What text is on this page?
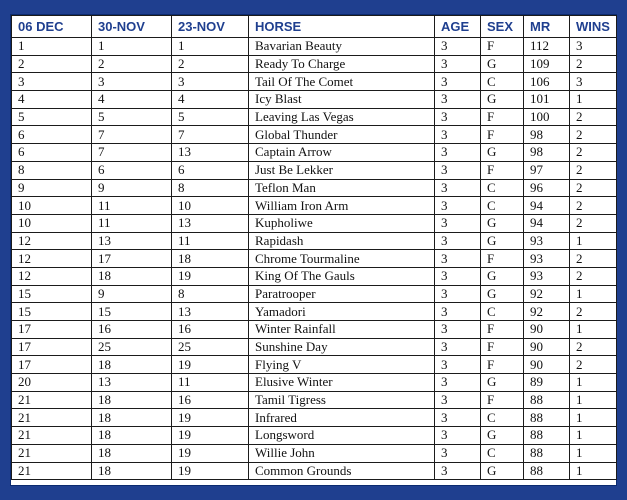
06 DEC	30-NOV	23-NOV	HORSE	AGE	SEX	MR	WINS
1	1	1	Bavarian Beauty	3	F	112	3
2	2	2	Ready To Charge	3	G	109	2
3	3	3	Tail Of The Comet	3	C	106	3
4	4	4	Icy Blast	3	G	101	1
5	5	5	Leaving Las Vegas	3	F	100	2
6	7	7	Global Thunder	3	F	98	2
6	7	13	Captain Arrow	3	G	98	2
8	6	6	Just Be Lekker	3	F	97	2
9	9	8	Teflon Man	3	C	96	2
10	11	10	William Iron Arm	3	C	94	2
10	11	13	Kupholiwe	3	G	94	2
12	13	11	Rapidash	3	G	93	1
12	17	18	Chrome Tourmaline	3	F	93	2
12	18	19	King Of The Gauls	3	G	93	2
15	9	8	Paratrooper	3	G	92	1
15	15	13	Yamadori	3	C	92	2
17	16	16	Winter Rainfall	3	F	90	1
17	25	25	Sunshine Day	3	F	90	2
17	18	19	Flying V	3	F	90	2
20	13	11	Elusive Winter	3	G	89	1
21	18	16	Tamil Tigress	3	F	88	1
21	18	19	Infrared	3	C	88	1
21	18	19	Longsword	3	G	88	1
21	18	19	Willie John	3	C	88	1
21	18	19	Common Grounds	3	G	88	1
